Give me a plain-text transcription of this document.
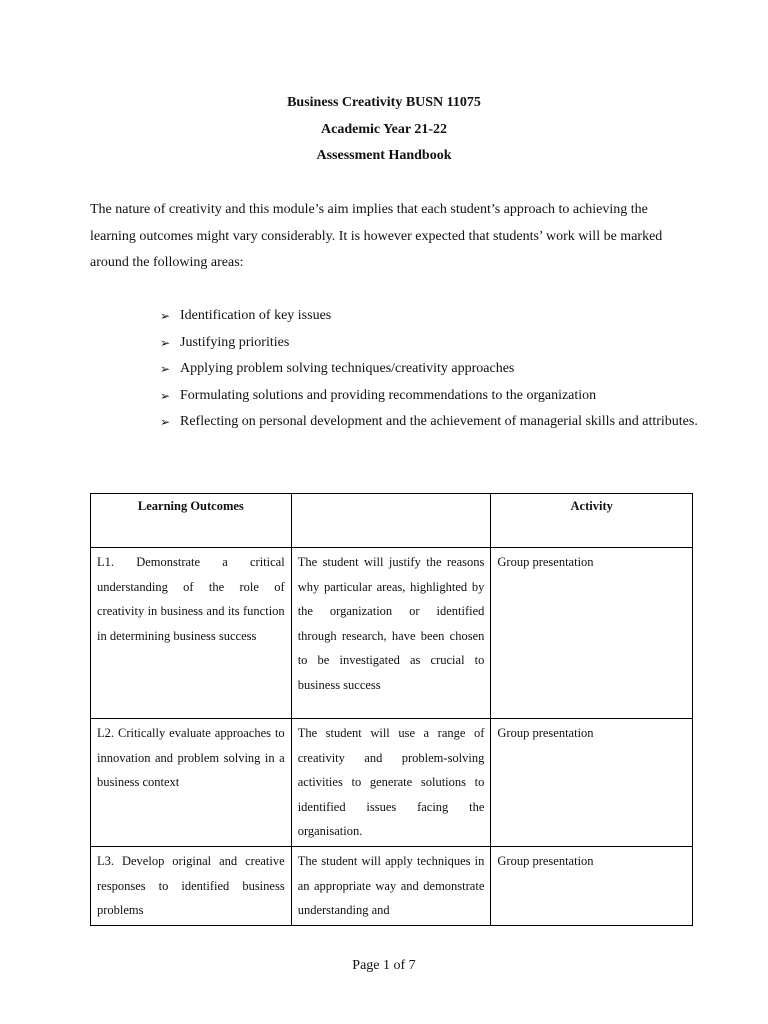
Business Creativity BUSN 11075
Academic Year 21-22
Assessment Handbook

The nature of creativity and this module’s aim implies that each student’s approach to achieving the learning outcomes might vary considerably. It is however expected that students’ work will be marked around the following areas:

➢ Identification of key issues
➢ Justifying priorities
➢ Applying problem solving techniques/creativity approaches
➢ Formulating solutions and providing recommendations to the organization
➢ Reflecting on personal development and the achievement of managerial skills and attributes.
Learning Outcomes		Activity
L1. Demonstrate a critical understanding of the role of creativity in business and its function in determining business success	The student will justify the reasons why particular areas, highlighted by the organization or identified through research, have been chosen to be investigated as crucial to business success	Group presentation
L2. Critically evaluate approaches to innovation and problem solving in a business context	The student will use a range of creativity and problem-solving activities to generate solutions to identified issues facing the organisation.	Group presentation
L3. Develop original and creative responses to identified business problems	The student will apply techniques in an appropriate way and demonstrate understanding and	Group presentation
Page 1 of 7
